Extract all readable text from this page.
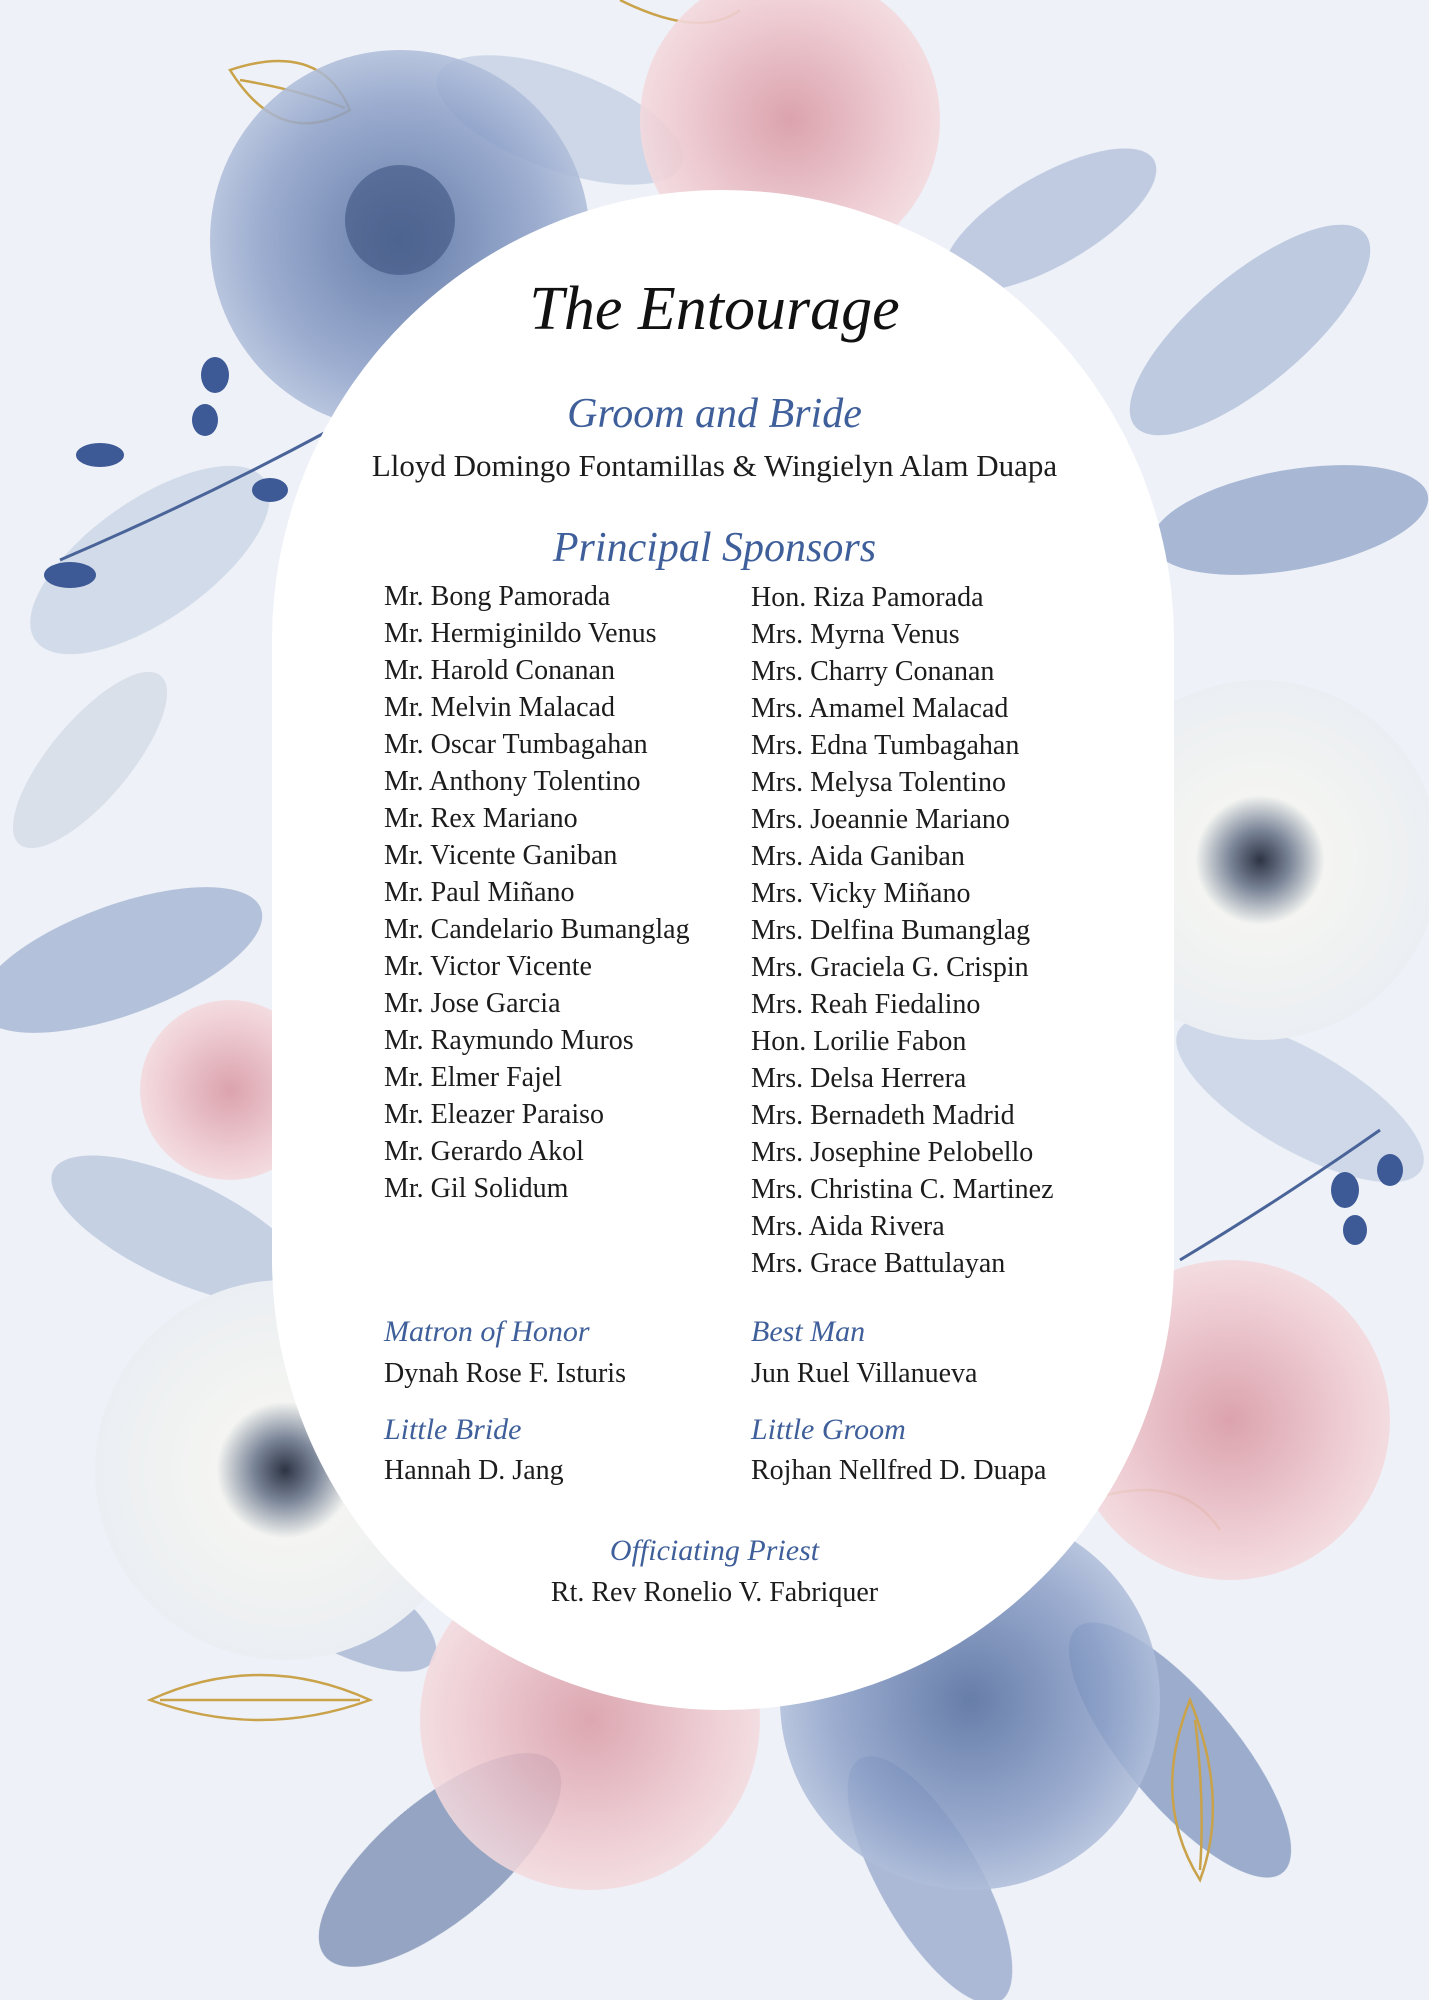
The Entourage
Groom and Bride
Lloyd Domingo Fontamillas & Wingielyn Alam Duapa
Principal Sponsors
Mr. Bong Pamorada
Mr. Hermiginildo Venus
Mr. Harold Conanan
Mr. Melvin Malacad
Mr. Oscar Tumbagahan
Mr. Anthony Tolentino
Mr. Rex Mariano
Mr. Vicente Ganiban
Mr. Paul Miñano
Mr. Candelario Bumanglag
Mr. Victor Vicente
Mr. Jose Garcia
Mr. Raymundo Muros
Mr. Elmer Fajel
Mr. Eleazer Paraiso
Mr. Gerardo Akol
Mr. Gil Solidum
Hon. Riza Pamorada
Mrs. Myrna Venus
Mrs. Charry Conanan
Mrs. Amamel Malacad
Mrs. Edna Tumbagahan
Mrs. Melysa Tolentino
Mrs. Joeannie Mariano
Mrs. Aida Ganiban
Mrs. Vicky Miñano
Mrs. Delfina Bumanglag
Mrs. Graciela G. Crispin
Mrs. Reah Fiedalino
Hon. Lorilie Fabon
Mrs. Delsa Herrera
Mrs. Bernadeth Madrid
Mrs. Josephine Pelobello
Mrs. Christina C. Martinez
Mrs. Aida Rivera
Mrs. Grace Battulayan
Matron of Honor
Dynah Rose F. Isturis
Best Man
Jun Ruel Villanueva
Little Bride
Hannah D. Jang
Little Groom
Rojhan Nellfred D. Duapa
Officiating Priest
Rt. Rev Ronelio V. Fabriquer
